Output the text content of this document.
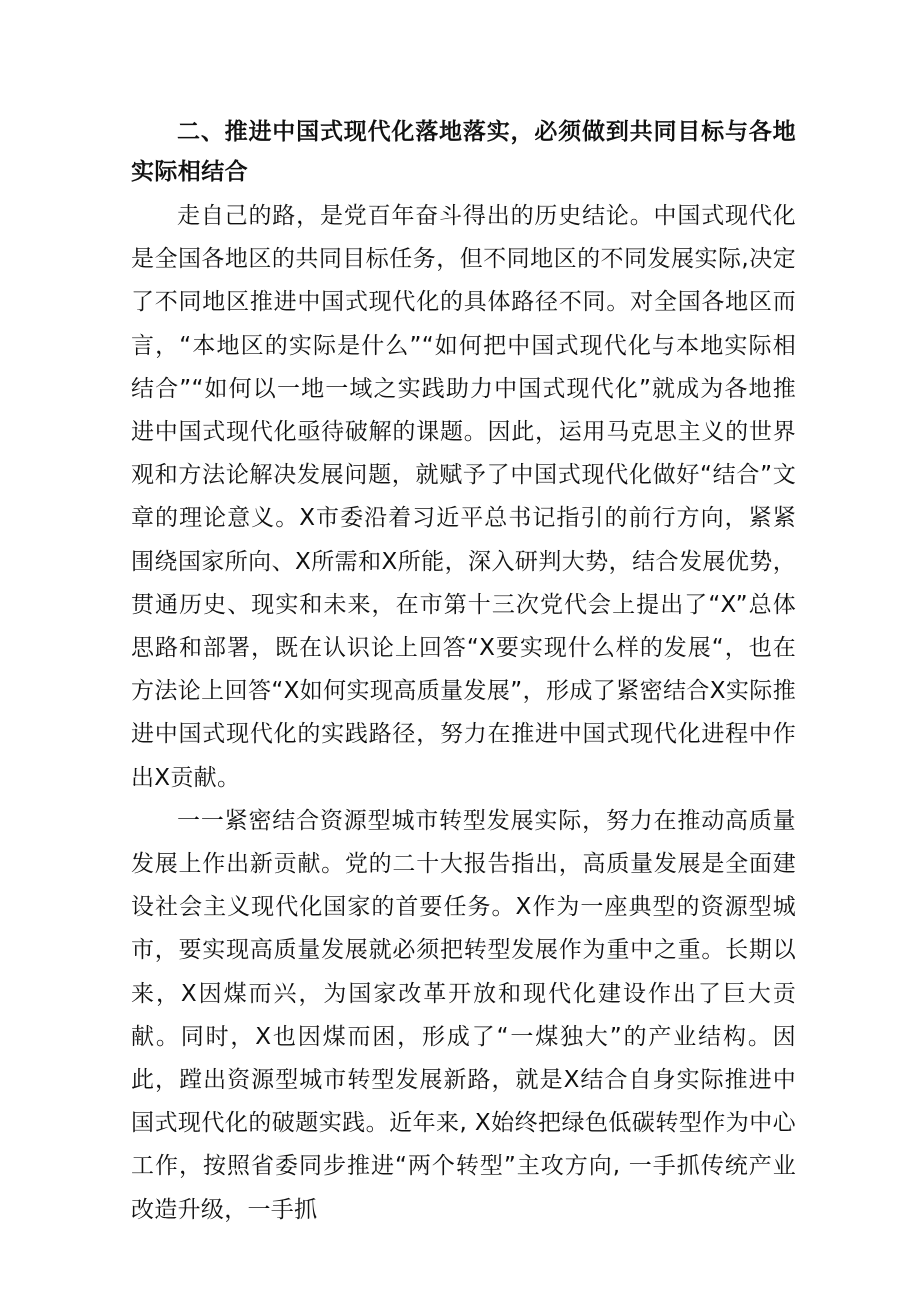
二、推进中国式现代化落地落实，必须做到共同目标与各地实际相结合

走自己的路，是党百年奋斗得出的历史结论。中国式现代化是全国各地区的共同目标任务，但不同地区的不同发展实际,决定了不同地区推进中国式现代化的具体路径不同。对全国各地区而言，“本地区的实际是什么”“如何把中国式现代化与本地实际相结合”“如何以一地一域之实践助力中国式现代化”就成为各地推进中国式现代化亟待破解的课题。因此，运用马克思主义的世界观和方法论解决发展问题，就赋予了中国式现代化做好“结合”文章的理论意义。X市委沿着习近平总书记指引的前行方向，紧紧围绕国家所向、X所需和X所能，深入研判大势，结合发展优势，贯通历史、现实和未来，在市第十三次党代会上提出了“X”总体思路和部署，既在认识论上回答“X要实现什么样的发展“，也在方法论上回答“X如何实现高质量发展”，形成了紧密结合X实际推进中国式现代化的实践路径，努力在推进中国式现代化进程中作出X贡献。

一一紧密结合资源型城市转型发展实际，努力在推动高质量发展上作出新贡献。党的二十大报告指出，高质量发展是全面建设社会主义现代化国家的首要任务。X作为一座典型的资源型城市，要实现高质量发展就必须把转型发展作为重中之重。长期以来，X因煤而兴，为国家改革开放和现代化建设作出了巨大贡献。同时，X也因煤而困，形成了“一煤独大”的产业结构。因此，蹚出资源型城市转型发展新路，就是X结合自身实际推进中国式现代化的破题实践。近年来, X始终把绿色低碳转型作为中心工作，按照省委同步推进“两个转型”主攻方向, 一手抓传统产业改造升级，一手抓
